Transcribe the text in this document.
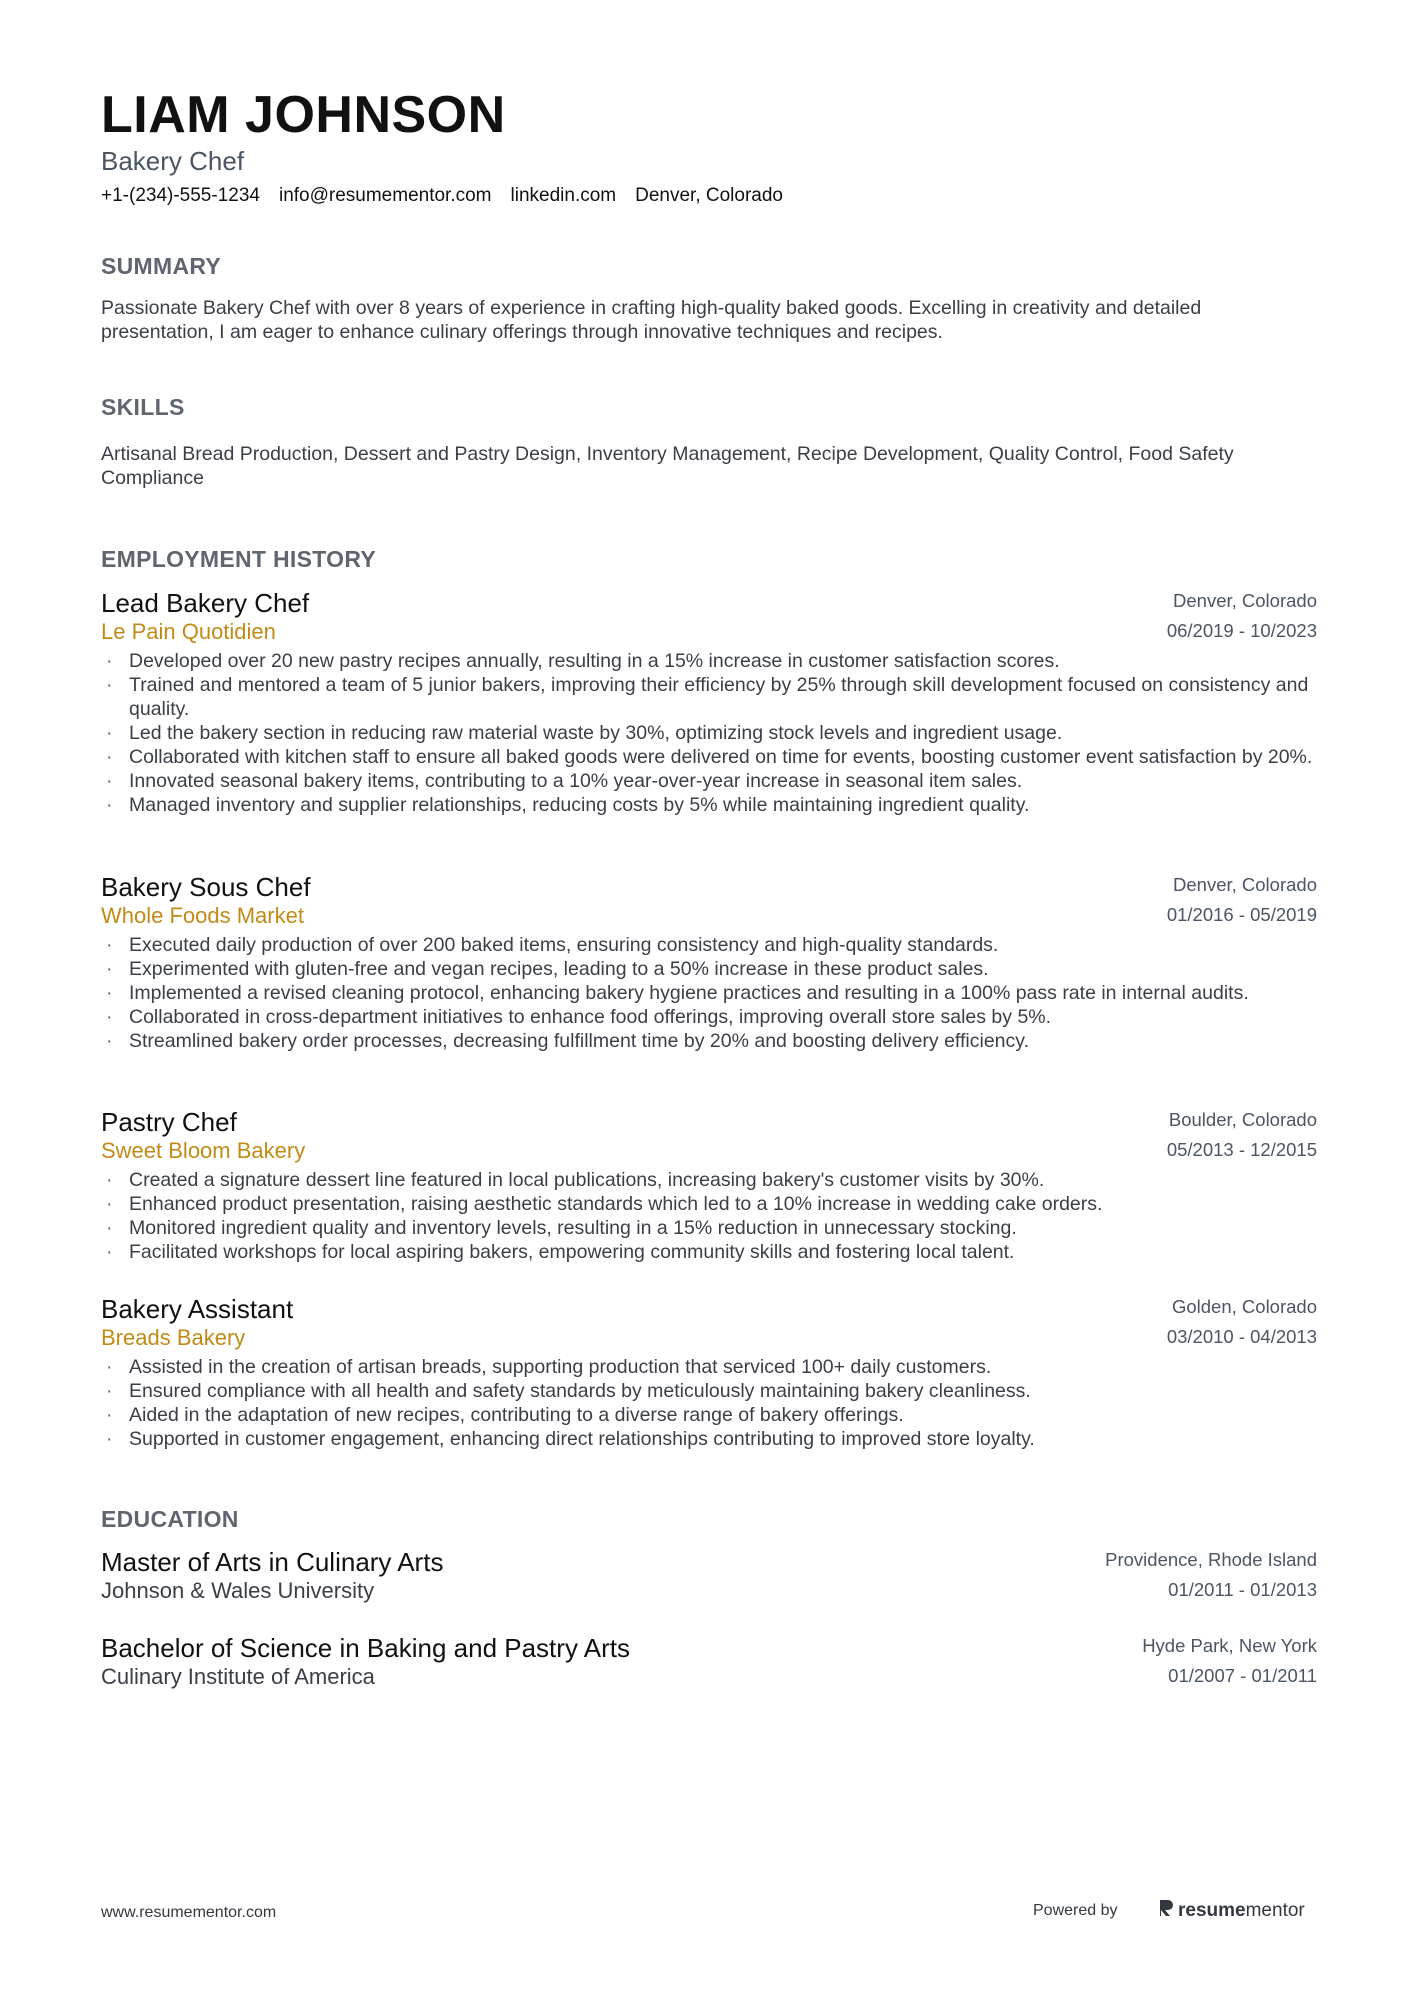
LIAM JOHNSON
Bakery Chef
+1-(234)-555-1234 info@resumementor.com linkedin.com Denver, Colorado
SUMMARY
Passionate Bakery Chef with over 8 years of experience in crafting high-quality baked goods. Excelling in creativity and detailed presentation, I am eager to enhance culinary offerings through innovative techniques and recipes.
SKILLS
Artisanal Bread Production, Dessert and Pastry Design, Inventory Management, Recipe Development, Quality Control, Food Safety Compliance
EMPLOYMENT HISTORY
Lead Bakery Chef
Le Pain Quotidien
Denver, Colorado
06/2019 - 10/2023
· Developed over 20 new pastry recipes annually, resulting in a 15% increase in customer satisfaction scores.
· Trained and mentored a team of 5 junior bakers, improving their efficiency by 25% through skill development focused on consistency and quality.
· Led the bakery section in reducing raw material waste by 30%, optimizing stock levels and ingredient usage.
· Collaborated with kitchen staff to ensure all baked goods were delivered on time for events, boosting customer event satisfaction by 20%.
· Innovated seasonal bakery items, contributing to a 10% year-over-year increase in seasonal item sales.
· Managed inventory and supplier relationships, reducing costs by 5% while maintaining ingredient quality.
Bakery Sous Chef
Whole Foods Market
Denver, Colorado
01/2016 - 05/2019
· Executed daily production of over 200 baked items, ensuring consistency and high-quality standards.
· Experimented with gluten-free and vegan recipes, leading to a 50% increase in these product sales.
· Implemented a revised cleaning protocol, enhancing bakery hygiene practices and resulting in a 100% pass rate in internal audits.
· Collaborated in cross-department initiatives to enhance food offerings, improving overall store sales by 5%.
· Streamlined bakery order processes, decreasing fulfillment time by 20% and boosting delivery efficiency.
Pastry Chef
Sweet Bloom Bakery
Boulder, Colorado
05/2013 - 12/2015
· Created a signature dessert line featured in local publications, increasing bakery's customer visits by 30%.
· Enhanced product presentation, raising aesthetic standards which led to a 10% increase in wedding cake orders.
· Monitored ingredient quality and inventory levels, resulting in a 15% reduction in unnecessary stocking.
· Facilitated workshops for local aspiring bakers, empowering community skills and fostering local talent.
Bakery Assistant
Breads Bakery
Golden, Colorado
03/2010 - 04/2013
· Assisted in the creation of artisan breads, supporting production that serviced 100+ daily customers.
· Ensured compliance with all health and safety standards by meticulously maintaining bakery cleanliness.
· Aided in the adaptation of new recipes, contributing to a diverse range of bakery offerings.
· Supported in customer engagement, enhancing direct relationships contributing to improved store loyalty.
EDUCATION
Master of Arts in Culinary Arts
Johnson & Wales University
Providence, Rhode Island
01/2011 - 01/2013
Bachelor of Science in Baking and Pastry Arts
Culinary Institute of America
Hyde Park, New York
01/2007 - 01/2011
www.resumementor.com	Powered by	resume mentor
